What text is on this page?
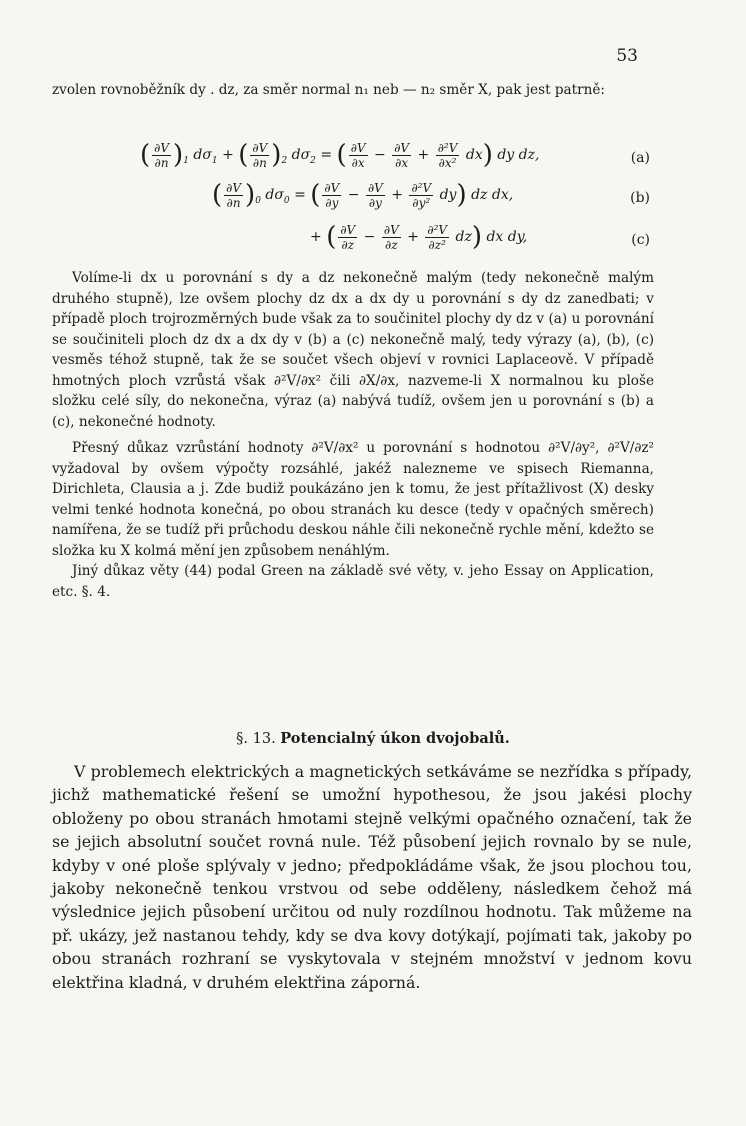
53

zvolen rovnoběžník dy . dz, za směr normal n₁ neb — n₂ směr X, pak jest patrně:

( $\frac{\partial V}{\partial n} )_1$ $d\sigma_1$ + ( $\frac{\partial V}{\partial n} )_2$ $d\sigma_2$ = ( $\frac{\partial V}{\partial x} - \frac{\partial V}{\partial x} + \frac{\text{∂²V}}{\text{∂x²}} dx$) dy dz,	(a)
( $\frac{\partial V}{\partial n} )_0$ $d\sigma_0$ = ( $\frac{\partial V}{\partial y} - \frac{\partial V}{\partial y} + \frac{\text{∂²V}}{\text{∂y²}} dy$) dz dx,	(b)
+ ( $\frac{\partial V}{\partial z} - \frac{\partial V}{\partial z} + \frac{\text{∂²V}}{\text{∂z²}} dz$) dx dy,	(c)

Volíme-li dx u porovnání s dy a dz nekonečně malým (tedy nekonečně malým druhého stupně), lze ovšem plochy dz dx a dx dy u porovnání s dy dz zanedbati; v případě ploch trojrozměrných bude však za to součinitel plochy dy dz v (a) u porovnání se součiniteli ploch dz dx a dx dy v (b) a (c) nekonečně malý, tedy výrazy (a), (b), (c) vesměs téhož stupně, tak že se součet všech objeví v rovnici Laplaceově. V případě hmotných ploch vzrůstá však ∂²V/∂x² čili ∂X/∂x, nazveme-li X normalnou ku ploše složku celé síly, do nekonečna, výraz (a) nabývá tudíž, ovšem jen u porovnání s (b) a (c), nekonečné hodnoty.

Přesný důkaz vzrůstání hodnoty ∂²V/∂x² u porovnání s hodnotou ∂²V/∂y², ∂²V/∂z² vyžadoval by ovšem výpočty rozsáhlé, jakéž nalezneme ve spisech Riemanna, Dirichleta, Clausia a j. Zde budiž poukázáno jen k tomu, že jest přítažlivost (X) desky velmi tenké hodnota konečná, po obou stranách ku desce (tedy v opačných směrech) namířena, že se tudíž při průchodu deskou náhle čili nekonečně rychle mění, kdežto se složka ku X kolmá mění jen způsobem nenáhlým.

Jiný důkaz věty (44) podal Green na základě své věty, v. jeho Essay on Application, etc. §. 4.

§. 13. Potencialný úkon dvojobalů.

V problemech elektrických a magnetických setkáváme se nezřídka s případy, jichž mathematické řešení se umožní hypothesou, že jsou jakési plochy obloženy po obou stranách hmotami stejně velkými opačného označení, tak že se jejich absolutní součet rovná nule. Též působení jejich rovnalo by se nule, kdyby v oné ploše splývaly v jedno; předpokládáme však, že jsou plochou tou, jakoby nekonečně tenkou vrstvou od sebe odděleny, následkem čehož má výslednice jejich působení určitou od nuly rozdílnou hodnotu. Tak můžeme na př. ukázy, jež nastanou tehdy, kdy se dva kovy dotýkají, pojímati tak, jakoby po obou stranách rozhraní se vyskytovala v stejném množství v jednom kovu elektřina kladná, v druhém elektřina záporná.
